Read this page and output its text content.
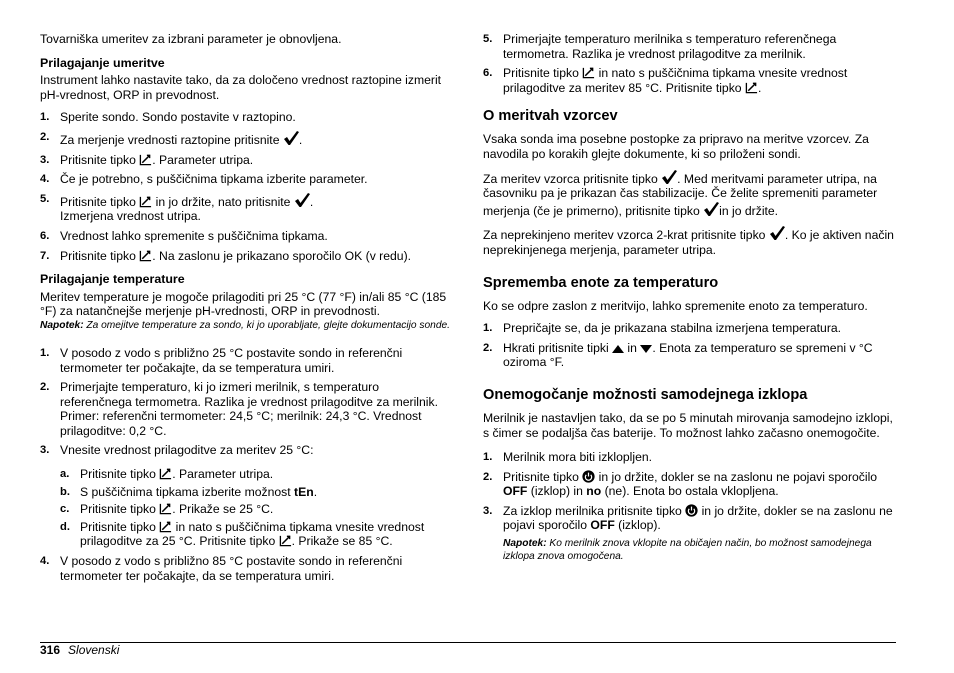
Tovarniška umeritev za izbrani parameter je obnovljena.

Prilagajanje umeritve

Instrument lahko nastavite tako, da za določeno vrednost raztopine izmerit pH-vrednost, ORP in prevodnost.

1. Sperite sondo. Sondo postavite v raztopino.
2. Za merjenje vrednosti raztopine pritisnite .
3. Pritisnite tipko . Parameter utripa.
4. Če je potrebno, s puščičnima tipkama izberite parameter.
5. Pritisnite tipko  in jo držite, nato pritisnite .
Izmerjena vrednost utripa.
6. Vrednost lahko spremenite s puščičnima tipkama.
7. Pritisnite tipko . Na zaslonu je prikazano sporočilo OK (v redu).
Prilagajanje temperature

Meritev temperature je mogoče prilagoditi pri 25 °C (77 °F) in/ali 85 °C (185 °F) za natančnejše merjenje pH-vrednosti, ORP in prevodnosti.

Napotek: Za omejitve temperature za sondo, ki jo uporabljate, glejte dokumentacijo sonde.

1. V posodo z vodo s približno 25 °C postavite sondo in referenčni termometer ter počakajte, da se temperatura umiri.
2. Primerjajte temperaturo, ki jo izmeri merilnik, s temperaturo referenčnega termometra. Razlika je vrednost prilagoditve za merilnik.
Primer: referenčni termometer: 24,5 °C; merilnik: 24,3 °C. Vrednost prilagoditve: 0,2 °C.
3. Vnesite vrednost prilagoditve za meritev 25 °C:
a. Pritisnite tipko . Parameter utripa.
b. S puščičnima tipkama izberite možnost tEn.
c. Pritisnite tipko . Prikaže se 25 °C.
d. Pritisnite tipko  in nato s puščičnima tipkama vnesite vrednost prilagoditve za 25 °C. Pritisnite tipko . Prikaže se 85 °C.
4. V posodo z vodo s približno 85 °C postavite sondo in referenčni termometer ter počakajte, da se temperatura umiri.
5. Primerjajte temperaturo merilnika s temperaturo referenčnega termometra. Razlika je vrednost prilagoditve za merilnik.
6. Pritisnite tipko  in nato s puščičnima tipkama vnesite vrednost prilagoditve za meritev 85 °C. Pritisnite tipko .
O meritvah vzorcev

Vsaka sonda ima posebne postopke za pripravo na meritve vzorcev. Za navodila po korakih glejte dokumente, ki so priloženi sondi.

Za meritev vzorca pritisnite tipko . Med meritvami parameter utripa, na časovniku pa je prikazan čas stabilizacije. Če želite spremeniti parameter merjenja (če je primerno), pritisnite tipko in jo držite.

Za neprekinjeno meritev vzorca 2-krat pritisnite tipko . Ko je aktiven način neprekinjenega merjenja, parameter utripa.

Sprememba enote za temperaturo

Ko se odpre zaslon z meritvijo, lahko spremenite enoto za temperaturo.

1. Prepričajte se, da je prikazana stabilna izmerjena temperatura.
2. Hkrati pritisnite tipki  in . Enota za temperaturo se spremeni v °C oziroma °F.
Onemogočanje možnosti samodejnega izklopa

Merilnik je nastavljen tako, da se po 5 minutah mirovanja samodejno izklopi, s čimer se podaljša čas baterije. To možnost lahko začasno onemogočite.

1. Merilnik mora biti izklopljen.
2. Pritisnite tipko  in jo držite, dokler se na zaslonu ne pojavi sporočilo OFF (izklop) in no (ne). Enota bo ostala vklopljena.
3. Za izklop merilnika pritisnite tipko  in jo držite, dokler se na zaslonu ne pojavi sporočilo OFF (izklop).

Napotek: Ko merilnik znova vklopite na običajen način, bo možnost samodejnega izklopa znova omogočena.

316 Slovenski
